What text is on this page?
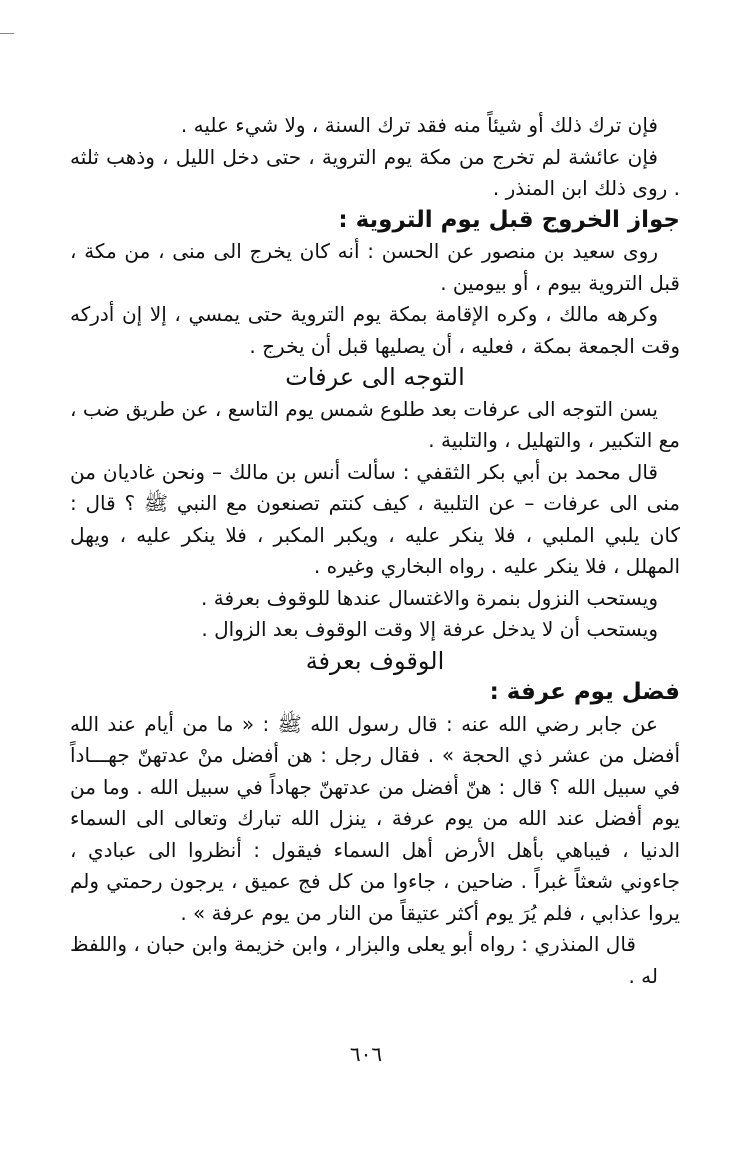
فإن ترك ذلك أو شيئاً منه فقد ترك السنة ، ولا شيء عليه .

فإن عائشة لم تخرج من مكة يوم التروية ، حتى دخل الليل ، وذهب ثلثه . روى ذلك ابن المنذر .

جواز الخروج قبل يوم التروية :

روى سعيد بن منصور عن الحسن : أنه كان يخرج الى منى ، من مكة ، قبل التروية بيوم ، أو بيومين .

وكرهه مالك ، وكره الإقامة بمكة يوم التروية حتى يمسي ، إلا إن أدركه وقت الجمعة بمكة ، فعليه ، أن يصليها قبل أن يخرج .

التوجه الى عرفات

يسن التوجه الى عرفات بعد طلوع شمس يوم التاسع ، عن طريق ضب ، مع التكبير ، والتهليل ، والتلبية .

قال محمد بن أبي بكر الثقفي : سألت أنس بن مالك – ونحن غاديان من منى الى عرفات – عن التلبية ، كيف كنتم تصنعون مع النبي ﷺ ؟ قال : كان يلبي الملبي ، فلا ينكر عليه ، ويكبر المكبر ، فلا ينكر عليه ، ويهل المهلل ، فلا ينكر عليه . رواه البخاري وغيره .

ويستحب النزول بنمرة والاغتسال عندها للوقوف بعرفة .

ويستحب أن لا يدخل عرفة إلا وقت الوقوف بعد الزوال .

الوقوف بعرفة

فضل يوم عرفة :

عن جابر رضي الله عنه : قال رسول الله ﷺ : « ما من أيام عند الله أفضل من عشر ذي الحجة » . فقال رجل : هن أفضل منْ عدتهنّ جهـــاداً في سبيل الله ؟ قال : هنّ أفضل من عدتهنّ جهاداً في سبيل الله . وما من يوم أفضل عند الله من يوم عرفة ، ينزل الله تبارك وتعالى الى السماء الدنيا ، فيباهي بأهل الأرض أهل السماء فيقول : أنظروا الى عبادي ، جاءوني شعثاً غبراً . ضاحين ، جاءوا من كل فج عميق ، يرجون رحمتي ولم يروا عذابي ، فلم يُرَ يوم أكثر عتيقاً من النار من يوم عرفة » .

قال المنذري : رواه أبو يعلى والبزار ، وابن خزيمة وابن حبان ، واللفظ له .

٦٠٦
